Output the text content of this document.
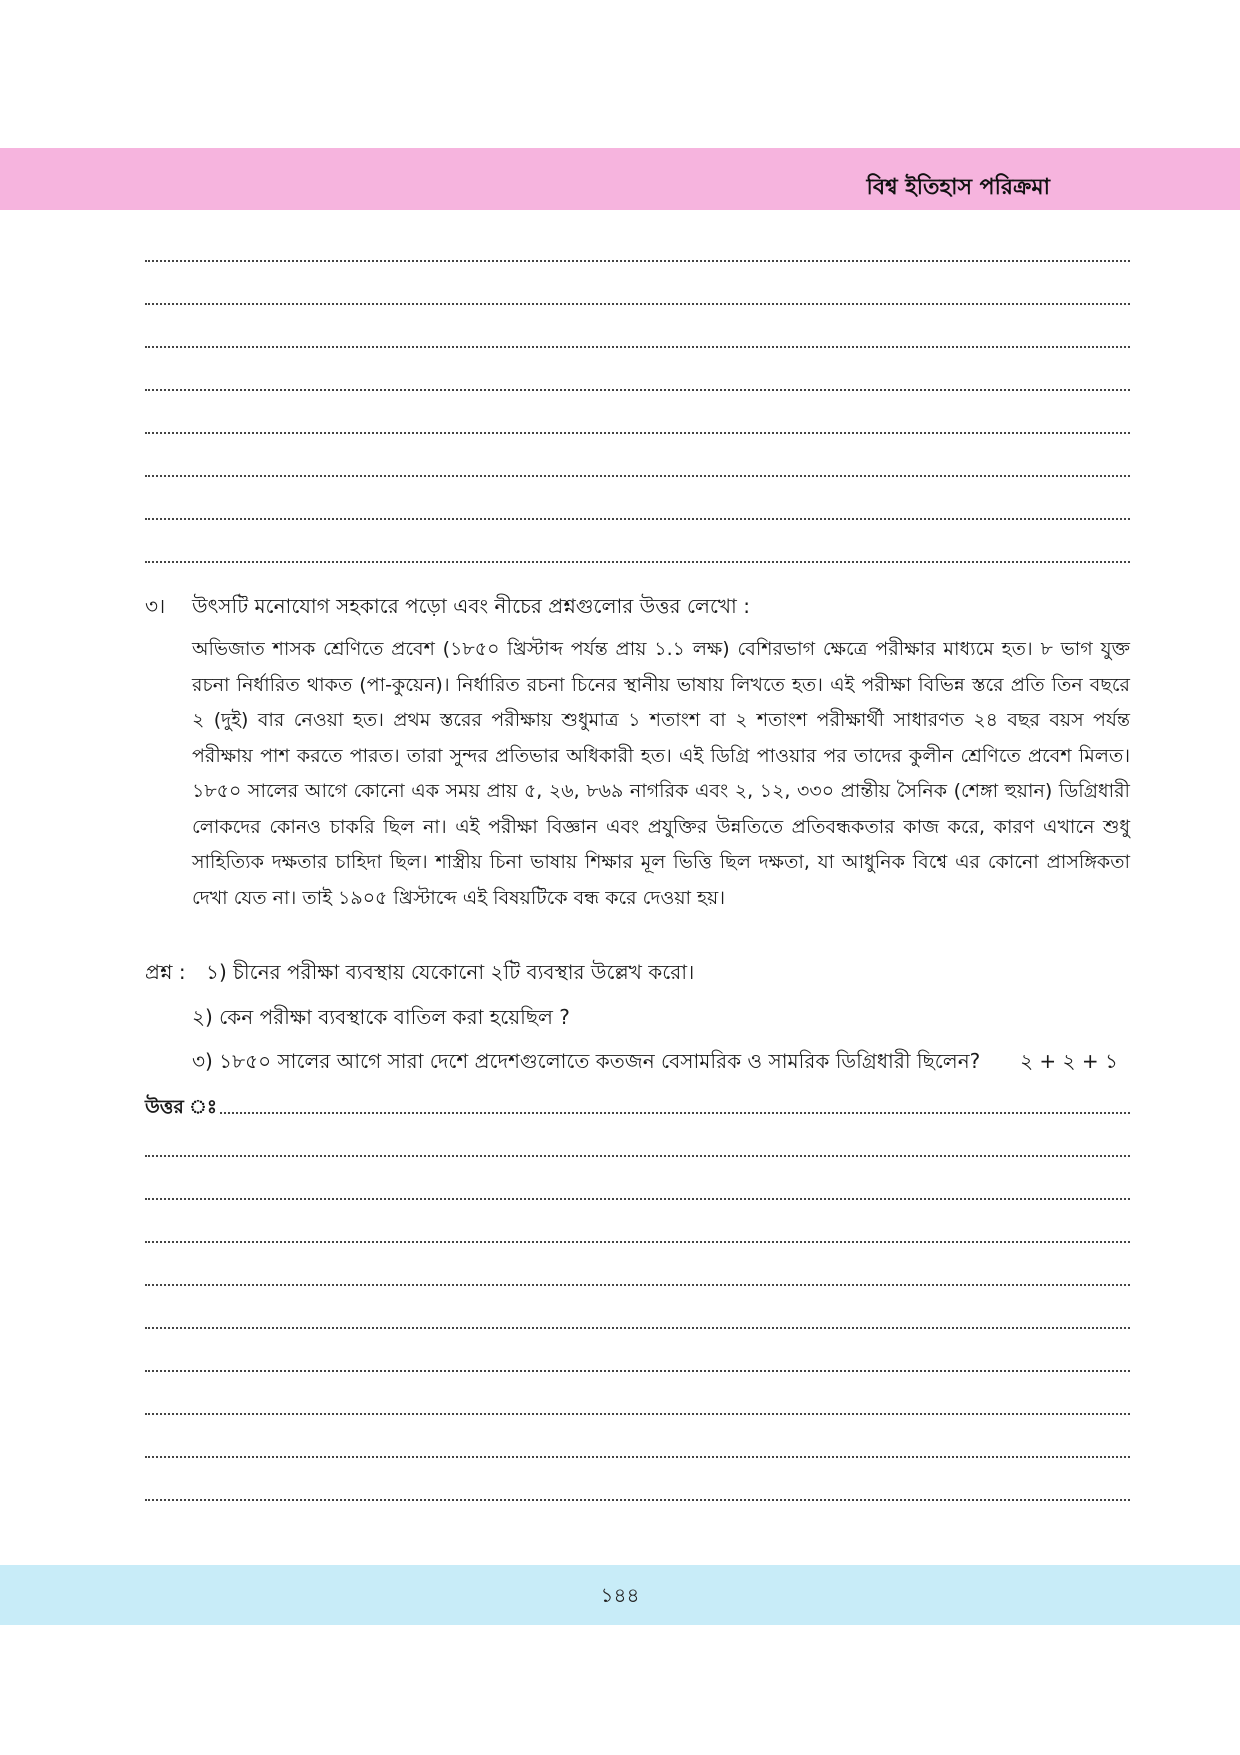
বিশ্ব ইতিহাস পরিক্রমা
৩। উৎসটি মনোযোগ সহকারে পড়ো এবং নীচের প্রশ্নগুলোর উত্তর লেখো :
অভিজাত শাসক শ্রেণিতে প্রবেশ (১৮৫০ খ্রিস্টাব্দ পর্যন্ত প্রায় ১.১ লক্ষ) বেশিরভাগ ক্ষেত্রে পরীক্ষার মাধ্যমে হত। ৮ ভাগ যুক্ত রচনা নির্ধারিত থাকত (পা-কুয়েন)। নির্ধারিত রচনা চিনের স্থানীয় ভাষায় লিখতে হত। এই পরীক্ষা বিভিন্ন স্তরে প্রতি তিন বছরে ২ (দুই) বার নেওয়া হত। প্রথম স্তরের পরীক্ষায় শুধুমাত্র ১ শতাংশ বা ২ শতাংশ পরীক্ষার্থী সাধারণত ২৪ বছর বয়স পর্যন্ত পরীক্ষায় পাশ করতে পারত। তারা সুন্দর প্রতিভার অধিকারী হত। এই ডিগ্রি পাওয়ার পর তাদের কুলীন শ্রেণিতে প্রবেশ মিলত। ১৮৫০ সালের আগে কোনো এক সময় প্রায় ৫, ২৬, ৮৬৯ নাগরিক এবং ২, ১২, ৩৩০ প্রান্তীয় সৈনিক (শেঙ্গা হুয়ান) ডিগ্রিধারী লোকদের কোনও চাকরি ছিল না। এই পরীক্ষা বিজ্ঞান এবং প্রযুক্তির উন্নতিতে প্রতিবন্ধকতার কাজ করে, কারণ এখানে শুধু সাহিত্যিক দক্ষতার চাহিদা ছিল। শাস্ত্রীয় চিনা ভাষায় শিক্ষার মূল ভিত্তি ছিল দক্ষতা, যা আধুনিক বিশ্বে এর কোনো প্রাসঙ্গিকতা দেখা যেত না। তাই ১৯০৫ খ্রিস্টাব্দে এই বিষয়টিকে বন্ধ করে দেওয়া হয়।
প্রশ্ন : ১) চীনের পরীক্ষা ব্যবস্থায় যেকোনো ২টি ব্যবস্থার উল্লেখ করো।
২) কেন পরীক্ষা ব্যবস্থাকে বাতিল করা হয়েছিল ?
৩) ১৮৫০ সালের আগে সারা দেশে প্রদেশগুলোতে কতজন বেসামরিক ও সামরিক ডিগ্রিধারী ছিলেন? ২ + ২ + ১
উত্তর ঃ
১৪৪
